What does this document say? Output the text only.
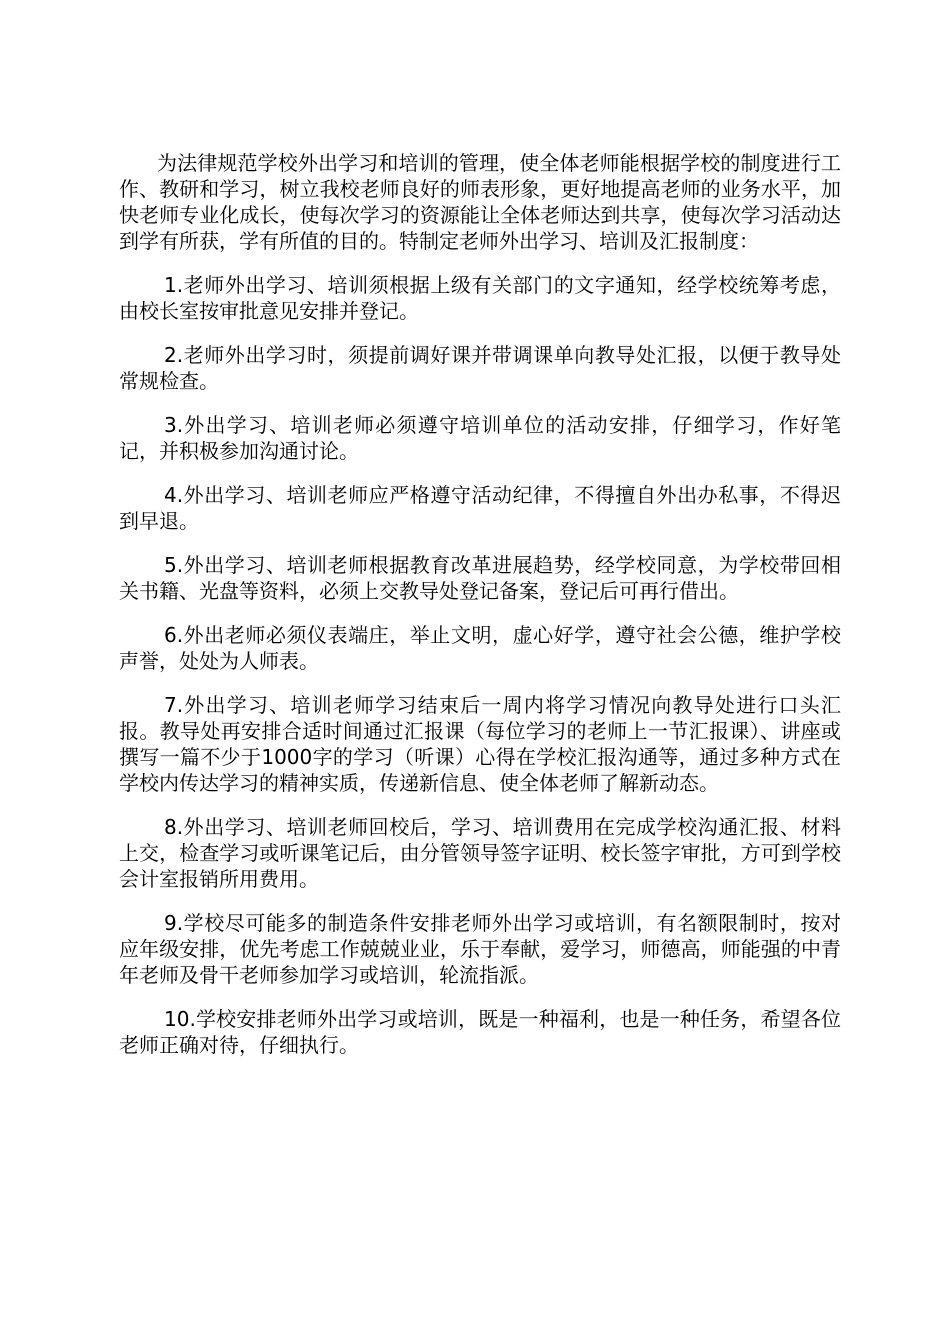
为法律规范学校外出学习和培训的管理，使全体老师能根据学校的制度进行工作、教研和学习，树立我校老师良好的师表形象，更好地提高老师的业务水平，加快老师专业化成长，使每次学习的资源能让全体老师达到共享，使每次学习活动达到学有所获，学有所值的目的。特制定老师外出学习、培训及汇报制度：

1.老师外出学习、培训须根据上级有关部门的文字通知，经学校统筹考虑，由校长室按审批意见安排并登记。

2.老师外出学习时，须提前调好课并带调课单向教导处汇报，以便于教导处常规检查。

3.外出学习、培训老师必须遵守培训单位的活动安排，仔细学习，作好笔记，并积极参加沟通讨论。

4.外出学习、培训老师应严格遵守活动纪律，不得擅自外出办私事，不得迟到早退。

5.外出学习、培训老师根据教育改革进展趋势，经学校同意，为学校带回相关书籍、光盘等资料，必须上交教导处登记备案，登记后可再行借出。

6.外出老师必须仪表端庄，举止文明，虚心好学，遵守社会公德，维护学校声誉，处处为人师表。

7.外出学习、培训老师学习结束后一周内将学习情况向教导处进行口头汇报。教导处再安排合适时间通过汇报课（每位学习的老师上一节汇报课）、讲座或撰写一篇不少于1000字的学习（听课）心得在学校汇报沟通等，通过多种方式在学校内传达学习的精神实质，传递新信息、使全体老师了解新动态。

8.外出学习、培训老师回校后，学习、培训费用在完成学校沟通汇报、材料上交，检查学习或听课笔记后，由分管领导签字证明、校长签字审批，方可到学校会计室报销所用费用。

9.学校尽可能多的制造条件安排老师外出学习或培训，有名额限制时，按对应年级安排，优先考虑工作兢兢业业，乐于奉献，爱学习，师德高，师能强的中青年老师及骨干老师参加学习或培训，轮流指派。

10.学校安排老师外出学习或培训，既是一种福利，也是一种任务，希望各位老师正确对待，仔细执行。
